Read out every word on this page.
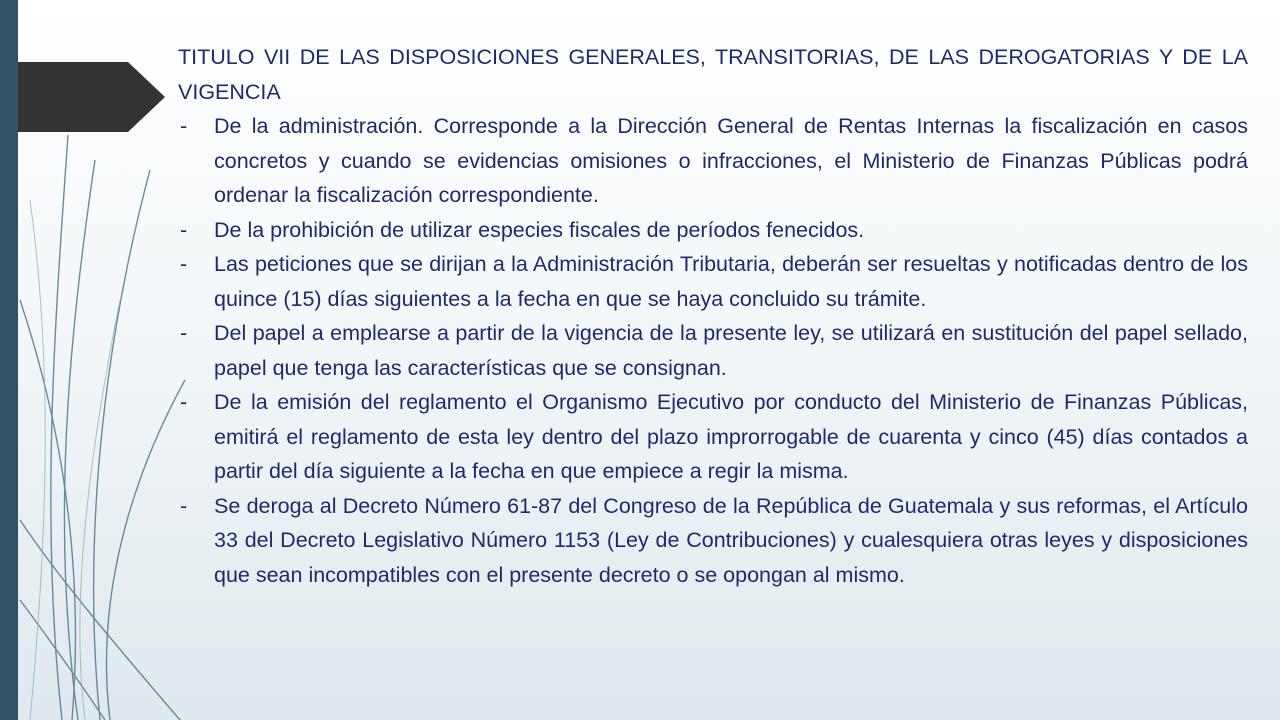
TITULO VII DE LAS DISPOSICIONES GENERALES, TRANSITORIAS, DE LAS DEROGATORIAS Y DE LA VIGENCIA

- De la administración. Corresponde a la Dirección General de Rentas Internas la fiscalización en casos concretos y cuando se evidencias omisiones o infracciones, el Ministerio de Finanzas Públicas podrá ordenar la fiscalización correspondiente.
- De la prohibición de utilizar especies fiscales de períodos fenecidos.
- Las peticiones que se dirijan a la Administración Tributaria, deberán ser resueltas y notificadas dentro de los quince (15) días siguientes a la fecha en que se haya concluido su trámite.
- Del papel a emplearse a partir de la vigencia de la presente ley, se utilizará en sustitución del papel sellado, papel que tenga las características que se consignan.
- De la emisión del reglamento el Organismo Ejecutivo por conducto del Ministerio de Finanzas Públicas, emitirá el reglamento de esta ley dentro del plazo improrrogable de cuarenta y cinco (45) días contados a partir del día siguiente a la fecha en que empiece a regir la misma.
- Se deroga al Decreto Número 61-87 del Congreso de la República de Guatemala y sus reformas, el Artículo 33 del Decreto Legislativo Número 1153 (Ley de Contribuciones) y cualesquiera otras leyes y disposiciones que sean incompatibles con el presente decreto o se opongan al mismo.
